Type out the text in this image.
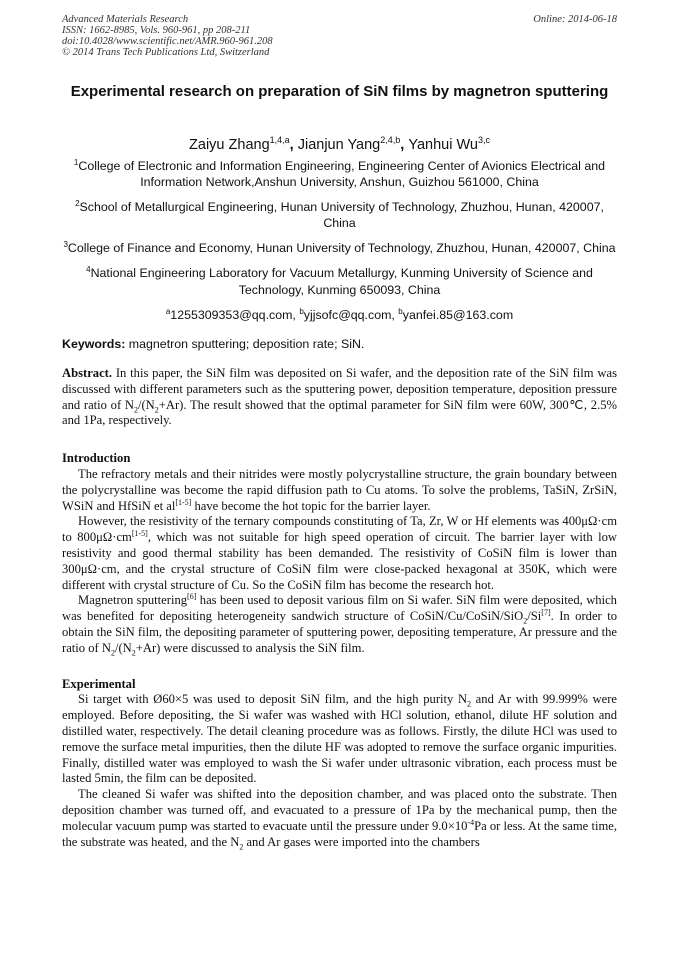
Advanced Materials Research
ISSN: 1662-8985, Vols. 960-961, pp 208-211
doi:10.4028/www.scientific.net/AMR.960-961.208
© 2014 Trans Tech Publications Ltd, Switzerland
Online: 2014-06-18
Experimental research on preparation of SiN films by magnetron sputtering
Zaiyu Zhang$^{1,4,a}$, Jianjun Yang$^{2,4,b}$, Yanhui Wu$^{3,c}$
$^1$College of Electronic and Information Engineering, Engineering Center of Avionics Electrical and Information Network,Anshun University, Anshun, Guizhou 561000, China
$^2$School of Metallurgical Engineering, Hunan University of Technology, Zhuzhou, Hunan, 420007, China
$^3$College of Finance and Economy, Hunan University of Technology, Zhuzhou, Hunan, 420007, China
$^4$National Engineering Laboratory for Vacuum Metallurgy, Kunming University of Science and Technology, Kunming 650093, China
$^a$1255309353@qq.com, $^b$yjjsofc@qq.com, $^b$yanfei.85@163.com
Keywords: magnetron sputtering; deposition rate; SiN.

Abstract. In this paper, the SiN film was deposited on Si wafer, and the deposition rate of the SiN film was discussed with different parameters such as the sputtering power, deposition temperature, deposition pressure and ratio of $N_2/(N_2+Ar)$. The result showed that the optimal parameter for SiN film were 60W, 300℃, 2.5% and 1Pa, respectively.

Introduction

The refractory metals and their nitrides were mostly polycrystalline structure, the grain boundary between the polycrystalline was become the rapid diffusion path to Cu atoms. To solve the problems, TaSiN, ZrSiN, WSiN and HfSiN et al[1-5] have become the hot topic for the barrier layer.

However, the resistivity of the ternary compounds constituting of Ta, Zr, W or Hf elements was 400μΩ·cm to 800μΩ·cm[1-5], which was not suitable for high speed operation of circuit. The barrier layer with low resistivity and good thermal stability has been demanded. The resistivity of CoSiN film is lower than 300μΩ·cm, and the crystal structure of CoSiN film were close-packed hexagonal at 350K, which were different with crystal structure of Cu. So the CoSiN film has become the research hot.

Magnetron sputtering[6] has been used to deposit various film on Si wafer. SiN film were deposited, which was benefited for depositing heterogeneity sandwich structure of CoSiN/Cu/CoSiN/SiO$_2$/Si[7]. In order to obtain the SiN film, the depositing parameter of sputtering power, depositing temperature, Ar pressure and the ratio of $N_2/(N_2+Ar)$ were discussed to analysis the SiN film.

Experimental

Si target with Ø60×5 was used to deposit SiN film, and the high purity $N_2$ and Ar with 99.999% were employed. Before depositing, the Si wafer was washed with HCl solution, ethanol, dilute HF solution and distilled water, respectively. The detail cleaning procedure was as follows. Firstly, the dilute HCl was used to remove the surface metal impurities, then the dilute HF was adopted to remove the surface organic impurities. Finally, distilled water was employed to wash the Si wafer under ultrasonic vibration, each process must be lasted 5min, the film can be deposited.

The cleaned Si wafer was shifted into the deposition chamber, and was placed onto the substrate. Then deposition chamber was turned off, and evacuated to a pressure of 1Pa by the mechanical pump, then the molecular vacuum pump was started to evacuate until the pressure under $9.0\times 10^{-4}Pa$ or less. At the same time, the substrate was heated, and the $N_2$ and Ar gases were imported into the chambers
